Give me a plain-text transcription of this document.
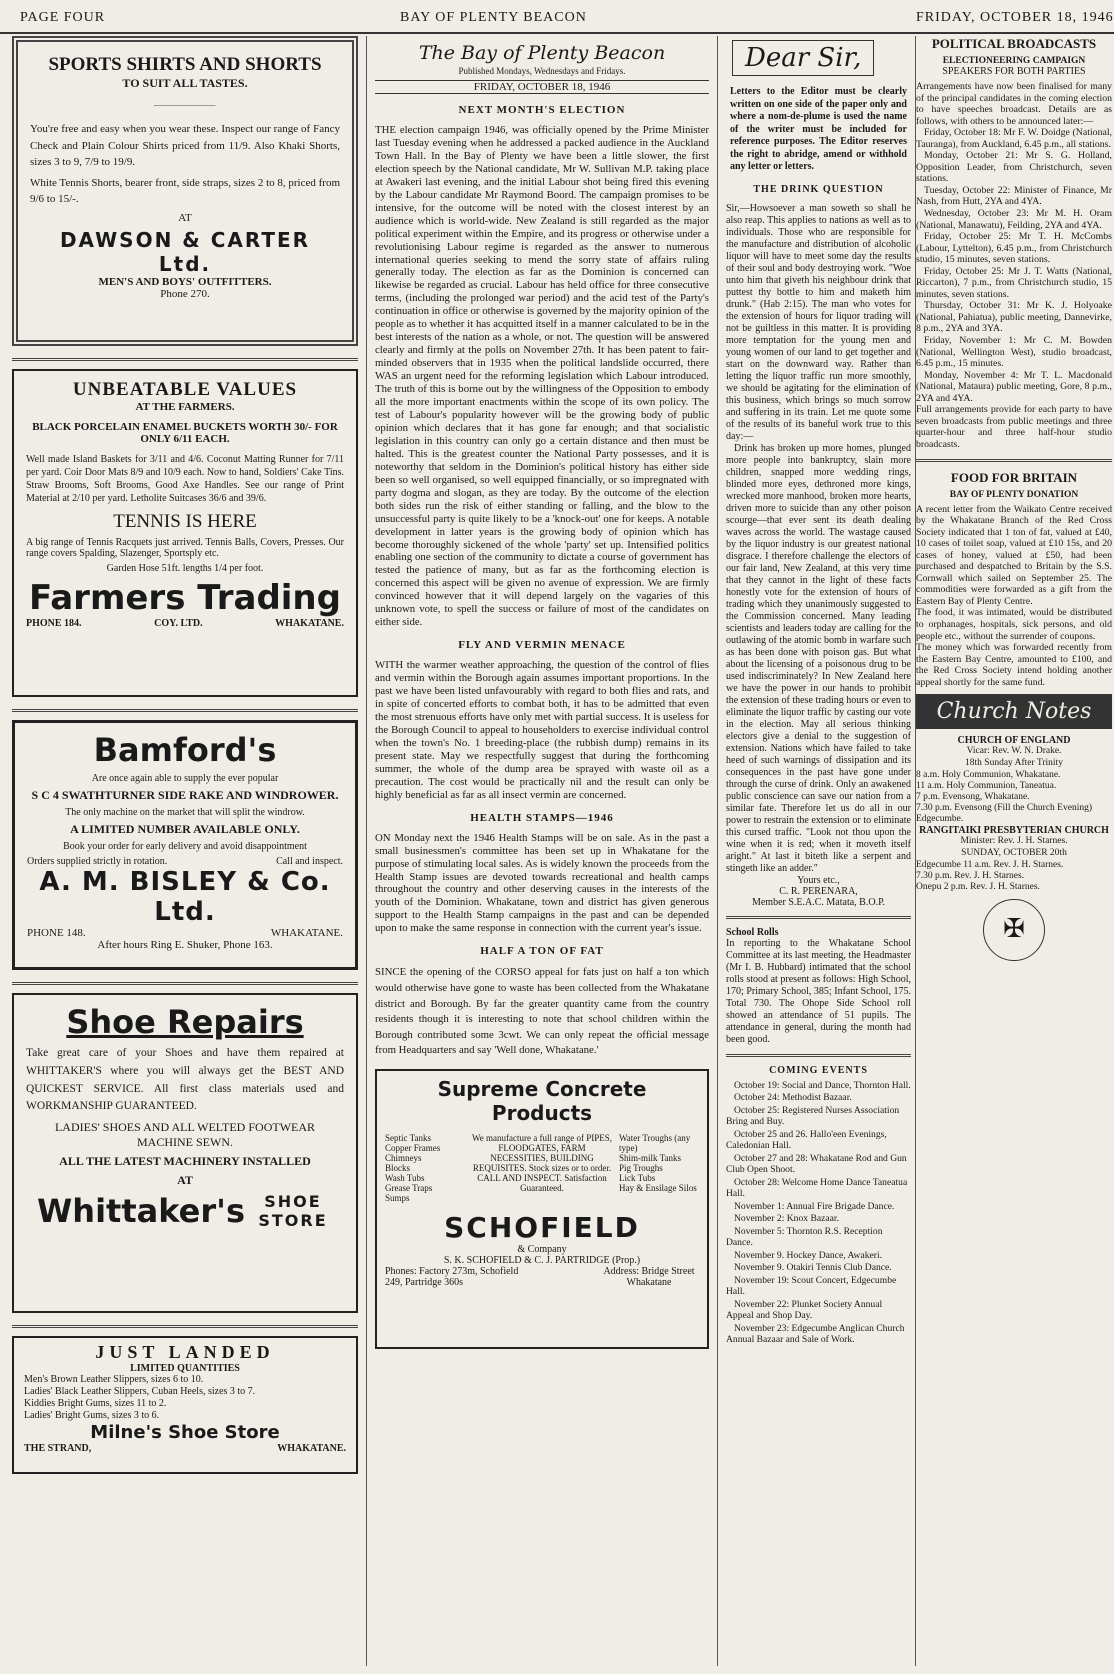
PAGE FOUR	BAY OF PLENTY BEACON	FRIDAY, OCTOBER 18, 1946
SPORTS SHIRTS AND SHORTS
TO SUIT ALL TASTES.

You're free and easy when you wear these. Inspect our range of Fancy Check and Plain Colour Shirts priced from 11/9. Also Khaki Shorts, sizes 3 to 9, 7/9 to 19/9.

White Tennis Shorts, bearer front, side straps, sizes 2 to 8, priced from 9/6 to 15/-.

AT

DAWSON & CARTER Ltd.
MEN'S AND BOYS' OUTFITTERS.
Phone 270.
UNBEATABLE VALUES
AT THE FARMERS.

BLACK PORCELAIN ENAMEL BUCKETS WORTH 30/- FOR ONLY 6/11 EACH.

Well made Island Baskets for 3/11 and 4/6. Coconut Matting Runner for 7/11 per yard. Coir Door Mats 8/9 and 10/9 each. Now to hand, Soldiers' Cake Tins. Straw Brooms, Soft Brooms, Good Axe Handles. See our range of Print Material at 2/10 per yard. Letholite Suitcases 36/6 and 39/6.

TENNIS IS HERE

A big range of Tennis Racquets just arrived. Tennis Balls, Covers, Presses. Our range covers Spalding, Slazenger, Sportsply etc.

Garden Hose 51ft. lengths 1/4 per foot.

Farmers Trading
PHONE 184.	COY. LTD.	WHAKATANE.
Bamford's

Are once again able to supply the ever popular

S C 4 SWATHTURNER SIDE RAKE AND WINDROWER.

The only machine on the market that will split the windrow.

A LIMITED NUMBER AVAILABLE ONLY.

Book your order for early delivery and avoid disappointment

Orders supplied strictly in rotation.	Call and inspect.
A. M. BISLEY & Co. Ltd.
PHONE 148.	WHAKATANE.
After hours Ring E. Shuker, Phone 163.
Shoe Repairs

Take great care of your Shoes and have them repaired at WHITTAKER'S where you will always get the BEST AND QUICKEST SERVICE. All first class materials used and WORKMANSHIP GUARANTEED.

LADIES' SHOES AND ALL WELTED FOOTWEAR MACHINE SEWN.

ALL THE LATEST MACHINERY INSTALLED

AT

Whittaker's	SHOE STORE
JUST LANDED
LIMITED QUANTITIES
Men's Brown Leather Slippers, sizes 6 to 10.
Ladies' Black Leather Slippers, Cuban Heels, sizes 3 to 7.
Kiddies Bright Gums, sizes 11 to 2.
Ladies' Bright Gums, sizes 3 to 6.
Milne's Shoe Store
THE STRAND,	WHAKATANE.
The Bay of Plenty Beacon
Published Mondays, Wednesdays and Fridays.
FRIDAY, OCTOBER 18, 1946
NEXT MONTH'S ELECTION

THE election campaign 1946, was officially opened by the Prime Minister last Tuesday evening when he addressed a packed audience in the Auckland Town Hall. In the Bay of Plenty we have been a little slower, the first election speech by the National candidate, Mr W. Sullivan M.P. taking place at Awakeri last evening, and the initial Labour shot being fired this evening by the Labour candidate Mr Raymond Boord. The campaign promises to be intensive, for the outcome will be noted with the closest interest by an audience which is world-wide. New Zealand is still regarded as the major political experiment within the Empire, and its progress or otherwise under a revolutionising Labour regime is regarded as the answer to numerous international queries seeking to mend the sorry state of affairs ruling generally today. The election as far as the Dominion is concerned can likewise be regarded as crucial. Labour has held office for three consecutive terms, (including the prolonged war period) and the acid test of the Party's continuation in office or otherwise is governed by the majority opinion of the people as to whether it has acquitted itself in a manner calculated to be in the best interests of the nation as a whole, or not. The question will be answered clearly and firmly at the polls on November 27th. It has been patent to fair-minded observers that in 1935 when the political landslide occurred, there WAS an urgent need for the reforming legislation which Labour introduced. The truth of this is borne out by the willingness of the Opposition to embody all the more important enactments within the scope of its own policy. The test of Labour's popularity however will be the growing body of public opinion which declares that it has gone far enough; and that socialistic legislation in this country can only go a certain distance and then must be halted. This is the greatest counter the National Party possesses, and it is noteworthy that seldom in the Dominion's political history has either side been so well organised, so well equipped financially, or so impregnated with party dogma and slogan, as they are today. By the outcome of the election both sides run the risk of either standing or falling, and the blow to the unsuccessful party is quite likely to be a 'knock-out' one for keeps. A notable development in latter years is the growing body of opinion which has become thoroughly sickened of the whole 'party' set up. Intensified politics enabling one section of the community to dictate a course of government has tested the patience of many, but as far as the forthcoming election is concerned this aspect will be given no avenue of expression. We are firmly convinced however that it will depend largely on the vagaries of this unknown vote, to spell the success or failure of most of the candidates on either side.

FLY AND VERMIN MENACE

WITH the warmer weather approaching, the question of the control of flies and vermin within the Borough again assumes important proportions. In the past we have been listed unfavourably with regard to both flies and rats, and in spite of concerted efforts to combat both, it has to be admitted that even the most strenuous efforts have only met with partial success. It is useless for the Borough Council to appeal to householders to exercise individual control when the town's No. 1 breeding-place (the rubbish dump) remains in its present state. May we respectfully suggest that during the forthcoming summer, the whole of the dump area be sprayed with waste oil as a precaution. The cost would be practically nil and the result can only be highly beneficial as far as all insect vermin are concerned.

HEALTH STAMPS—1946

ON Monday next the 1946 Health Stamps will be on sale. As in the past a small businessmen's committee has been set up in Whakatane for the purpose of stimulating local sales. As is widely known the proceeds from the Health Stamp issues are devoted towards recreational and health camps throughout the country and other deserving causes in the interests of the youth of the Dominion. Whakatane, town and district has given generous support to the Health Stamp campaigns in the past and can be depended upon to make the same response in connection with the current year's issue.

HALF A TON OF FAT

SINCE the opening of the CORSO appeal for fats just on half a ton which would otherwise have gone to waste has been collected from the Whakatane district and Borough. By far the greater quantity came from the country residents though it is interesting to note that school children within the Borough contributed some 3cwt. We can only repeat the official message from Headquarters and say 'Well done, Whakatane.'

Supreme Concrete Products
Septic Tanks
Copper Frames
Chimneys
Blocks
Wash Tubs
Grease Traps
Sumps
We manufacture a full range of PIPES, FLOODGATES, FARM NECESSITIES, BUILDING REQUISITES. Stock sizes or to order. CALL AND INSPECT. Satisfaction Guaranteed.
Water Troughs (any type)
Shim-milk Tanks
Pig Troughs
Lick Tubs
Hay & Ensilage Silos
SCHOFIELD
& Company
S. K. SCHOFIELD & C. J. PARTRIDGE (Prop.)
Phones: Factory 273m, Schofield 249, Partridge 360s
Address: Bridge Street Whakatane
Dear Sir,

Letters to the Editor must be clearly written on one side of the paper only and where a nom-de-plume is used the name of the writer must be included for reference purposes. The Editor reserves the right to abridge, amend or withhold any letter or letters.

THE DRINK QUESTION

Sir,—Howsoever a man soweth so shall he also reap. This applies to nations as well as to individuals. Those who are responsible for the manufacture and distribution of alcoholic liquor will have to meet some day the results of their soul and body destroying work. "Woe unto him that giveth his neighbour drink that puttest thy bottle to him and maketh him drunk." (Hab 2:15). The man who votes for the extension of hours for liquor trading will not be guiltless in this matter. It is providing more temptation for the young men and young women of our land to get together and start on the downward way. Rather than letting the liquor traffic run more smoothly, we should be agitating for the elimination of this business, which brings so much sorrow and suffering in its train. Let me quote some of the results of its baneful work true to this day:—

Drink has broken up more homes, plunged more people into bankruptcy, slain more children, snapped more wedding rings, blinded more eyes, dethroned more kings, wrecked more manhood, broken more hearts, driven more to suicide than any other poison scourge—that ever sent its death dealing waves across the world. The wastage caused by the liquor industry is our greatest national disgrace. I therefore challenge the electors of our fair land, New Zealand, at this very time that they cannot in the light of these facts honestly vote for the extension of hours of trading which they unanimously suggested to the Commission concerned. Many leading scientists and leaders today are calling for the outlawing of the atomic bomb in warfare such as has been done with poison gas. But what about the licensing of a poisonous drug to be used indiscriminately? In New Zealand here we have the power in our hands to prohibit the extension of these trading hours or even to eliminate the liquor traffic by casting our vote in the election. May all serious thinking electors give a denial to the suggestion of extension. Nations which have failed to take heed of such warnings of dissipation and its consequences in the past have gone under through the curse of drink. Only an awakened public conscience can save our nation from a similar fate. Therefore let us do all in our power to restrain the extension or to eliminate this cursed traffic. "Look not thou upon the wine when it is red; when it moveth itself aright." At last it biteth like a serpent and stingeth like an adder."

Yours etc.,
C. R. PERENARA,
Member S.E.A.C. Matata, B.O.P.
School Rolls

In reporting to the Whakatane School Committee at its last meeting, the Headmaster (Mr I. B. Hubbard) intimated that the school rolls stood at present as follows: High School, 170; Primary School, 385; Infant School, 175. Total 730. The Ohope Side School roll showed an attendance of 51 pupils. The attendance in general, during the month had been good.

COMING EVENTS
October 19: Social and Dance, Thornton Hall.
October 24: Methodist Bazaar.
October 25: Registered Nurses Association Bring and Buy.
October 25 and 26. Hallo'een Evenings, Caledonian Hall.
October 27 and 28: Whakatane Rod and Gun Club Open Shoot.
October 28: Welcome Home Dance Taneatua Hall.
November 1: Annual Fire Brigade Dance.
November 2: Knox Bazaar.
November 5: Thornton R.S. Reception Dance.
November 9. Hockey Dance, Awakeri.
November 9. Otakiri Tennis Club Dance.
November 19: Scout Concert, Edgecumbe Hall.
November 22: Plunket Society Annual Appeal and Shop Day.
November 23: Edgecumbe Anglican Church Annual Bazaar and Sale of Work.
POLITICAL BROADCASTS
ELECTIONEERING CAMPAIGN
SPEAKERS FOR BOTH PARTIES

Arrangements have now been finalised for many of the principal candidates in the coming election to have speeches broadcast. Details are as follows, with others to be announced later:—

Friday, October 18: Mr F. W. Doidge (National, Tauranga), from Auckland, 6.45 p.m., all stations.
Monday, October 21: Mr S. G. Holland, Opposition Leader, from Christchurch, seven stations.
Tuesday, October 22: Minister of Finance, Mr Nash, from Hutt, 2YA and 4YA.
Wednesday, October 23: Mr M. H. Oram (National, Manawatu), Feilding, 2YA and 4YA.
Friday, October 25: Mr T. H. McCombs (Labour, Lyttelton), 6.45 p.m., from Christchurch studio, 15 minutes, seven stations.
Friday, October 25: Mr J. T. Watts (National, Riccarton), 7 p.m., from Christchurch studio, 15 minutes, seven stations.
Thursday, October 31: Mr K. J. Holyoake (National, Pahiatua), public meeting, Dannevirke, 8 p.m., 2YA and 3YA.
Friday, November 1: Mr C. M. Bowden (National, Wellington West), studio broadcast, 6.45 p.m., 15 minutes.
Monday, November 4: Mr T. L. Macdonald (National, Mataura) public meeting, Gore, 8 p.m., 2YA and 4YA.

Full arrangements provide for each party to have seven broadcasts from public meetings and three quarter-hour and three half-hour studio broadcasts.

FOOD FOR BRITAIN
BAY OF PLENTY DONATION

A recent letter from the Waikato Centre received by the Whakatane Branch of the Red Cross Society indicated that 1 ton of fat, valued at £40, 10 cases of toilet soap, valued at £10 15s, and 20 cases of honey, valued at £50, had been purchased and despatched to Britain by the S.S. Cornwall which sailed on September 25. The commodities were forwarded as a gift from the Eastern Bay of Plenty Centre.

The food, it was intimated, would be distributed to orphanages, hospitals, sick persons, and old people etc., without the surrender of coupons.

The money which was forwarded recently from the Eastern Bay Centre, amounted to £100, and the Red Cross Society intend holding another appeal shortly for the same fund.

Church Notes
CHURCH OF ENGLAND
Vicar: Rev. W. N. Drake.
18th Sunday After Trinity
8 a.m. Holy Communion, Whakatane.
11 a.m. Holy Communion, Taneatua.
7 p.m. Evensong, Whakatane.
7.30 p.m. Evensong (Fill the Church Evening) Edgecumbe.
RANGITAIKI PRESBYTERIAN CHURCH
Minister: Rev. J. H. Starnes.
SUNDAY, OCTOBER 20th
Edgecumbe 11 a.m. Rev. J. H. Starnes.
7.30 p.m. Rev. J. H. Starnes.
Onepu 2 p.m. Rev. J. H. Starnes.
✠
